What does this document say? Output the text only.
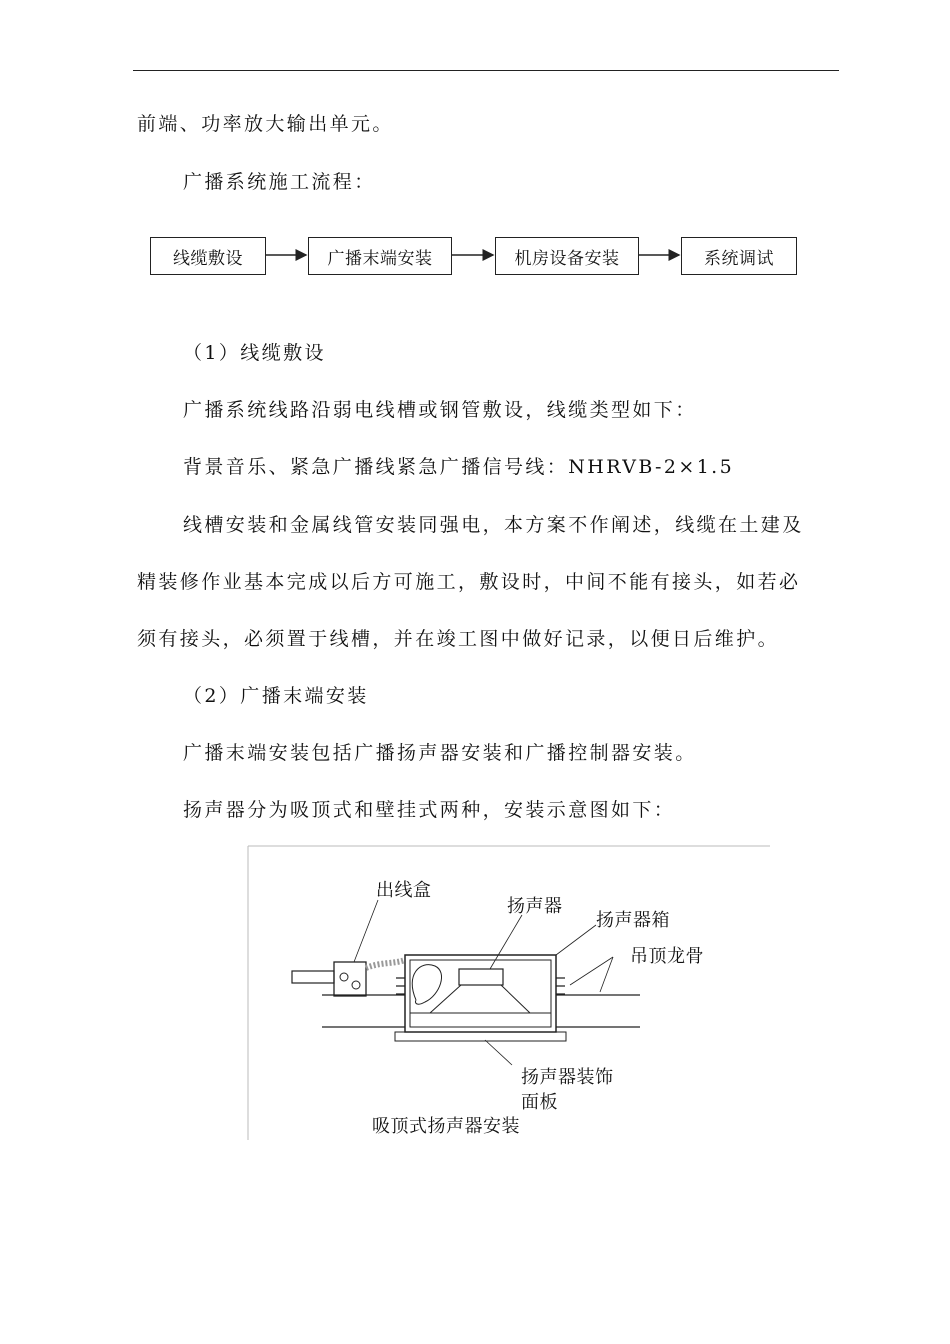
前端、功率放大输出单元。
广播系统施工流程：
线缆敷设	广播末端安装	机房设备安装	系统调试
（1）线缆敷设
广播系统线路沿弱电线槽或钢管敷设，线缆类型如下：
背景音乐、紧急广播线紧急广播信号线：NHRVB-2×1.5
线槽安装和金属线管安装同强电，本方案不作阐述，线缆在土建及
精装修作业基本完成以后方可施工，敷设时，中间不能有接头，如若必
须有接头，必须置于线槽，并在竣工图中做好记录，以便日后维护。
（2）广播末端安装
广播末端安装包括广播扬声器安装和广播控制器安装。
扬声器分为吸顶式和壁挂式两种，安装示意图如下：
出线盒
扬声器
扬声器箱
吊顶龙骨
扬声器装饰
面板
吸顶式扬声器安装
